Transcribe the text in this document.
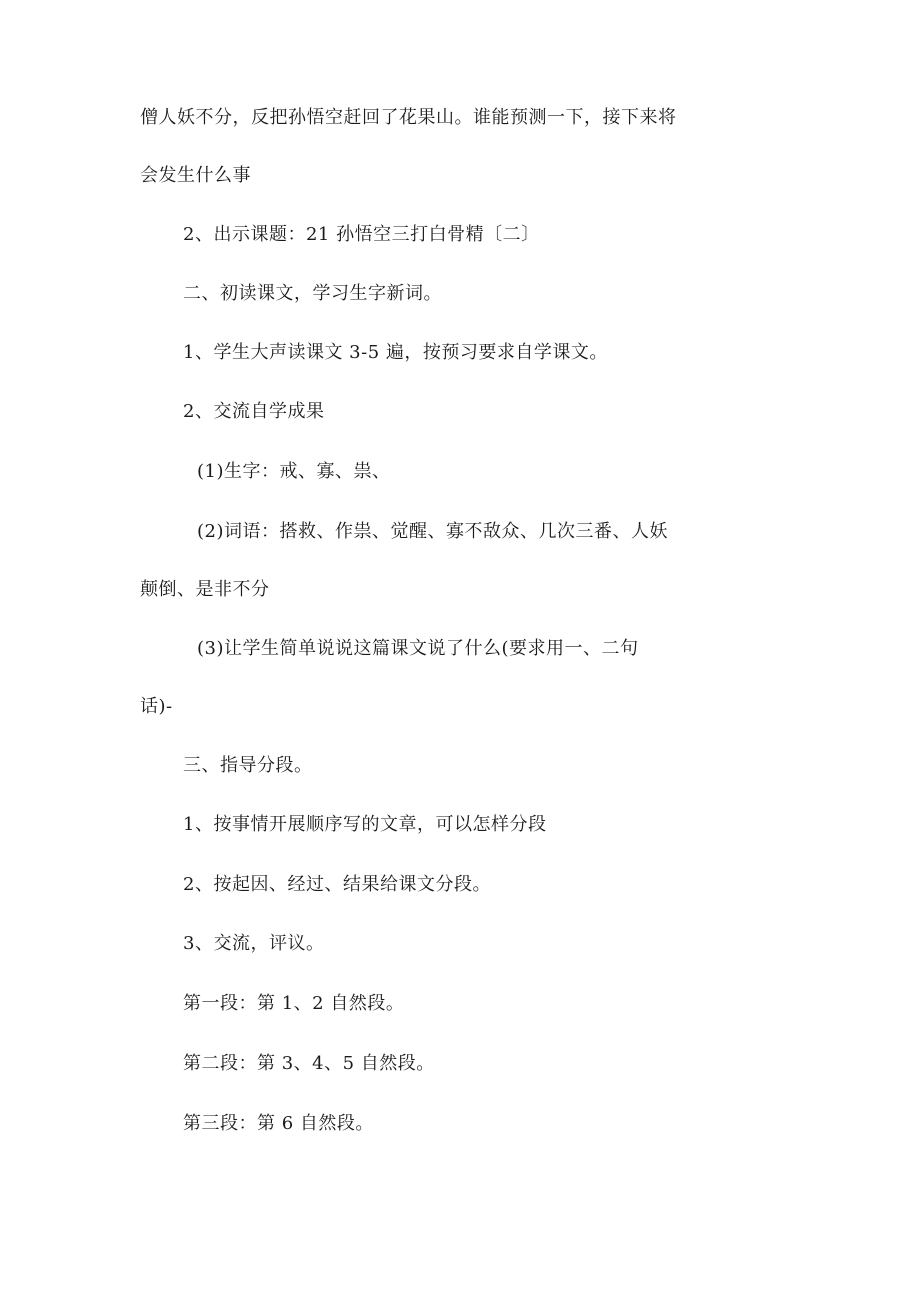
僧人妖不分，反把孙悟空赶回了花果山。谁能预测一下，接下来将
会发生什么事
2、出示课题：21 孙悟空三打白骨精〔二〕
二、初读课文，学习生字新词。
1、学生大声读课文 3-5 遍，按预习要求自学课文。
2、交流自学成果
(1)生字：戒、寡、祟、
(2)词语：搭救、作祟、觉醒、寡不敌众、几次三番、人妖
颠倒、是非不分
(3)让学生简单说说这篇课文说了什么(要求用一、二句
话)-
三、指导分段。
1、按事情开展顺序写的文章，可以怎样分段
2、按起因、经过、结果给课文分段。
3、交流，评议。
第一段：第 1、2 自然段。
第二段：第 3、4、5 自然段。
第三段：第 6 自然段。
